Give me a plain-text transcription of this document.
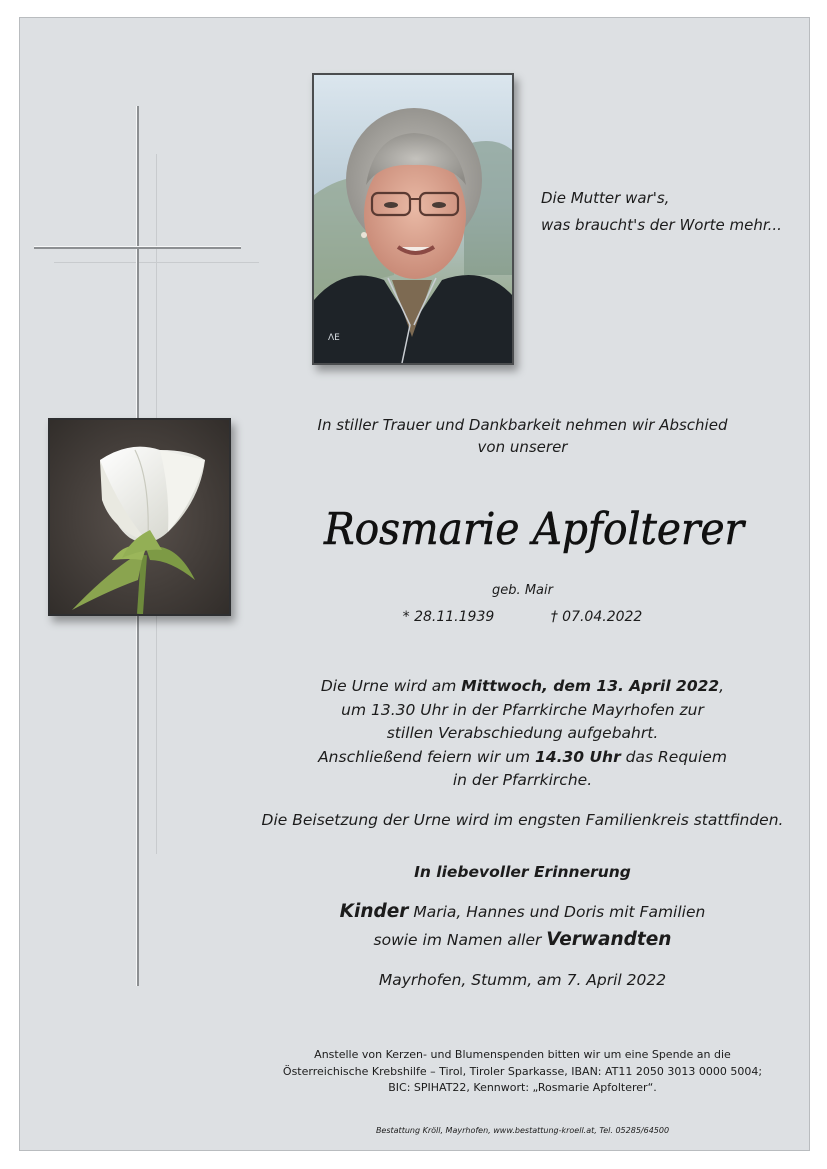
ΛE
Die Mutter war's,
was braucht's der Worte mehr...
In stiller Trauer und Dankbarkeit nehmen wir Abschied
von unserer
Rosmarie Apfolterer
geb. Mair
* 28.11.1939	† 07.04.2022
Die Urne wird am Mittwoch, dem 13. April 2022,
um 13.30 Uhr in der Pfarrkirche Mayrhofen zur
stillen Verabschiedung aufgebahrt.
Anschließend feiern wir um 14.30 Uhr das Requiem
in der Pfarrkirche.
Die Beisetzung der Urne wird im engsten Familienkreis stattfinden.
In liebevoller Erinnerung
Kinder Maria, Hannes und Doris mit Familien
sowie im Namen aller Verwandten
Mayrhofen, Stumm, am 7. April 2022
Anstelle von Kerzen- und Blumenspenden bitten wir um eine Spende an die
Österreichische Krebshilfe – Tirol, Tiroler Sparkasse, IBAN: AT11 2050 3013 0000 5004;
BIC: SPIHAT22, Kennwort: „Rosmarie Apfolterer“.
Bestattung Kröll, Mayrhofen, www.bestattung-kroell.at, Tel. 05285/64500
